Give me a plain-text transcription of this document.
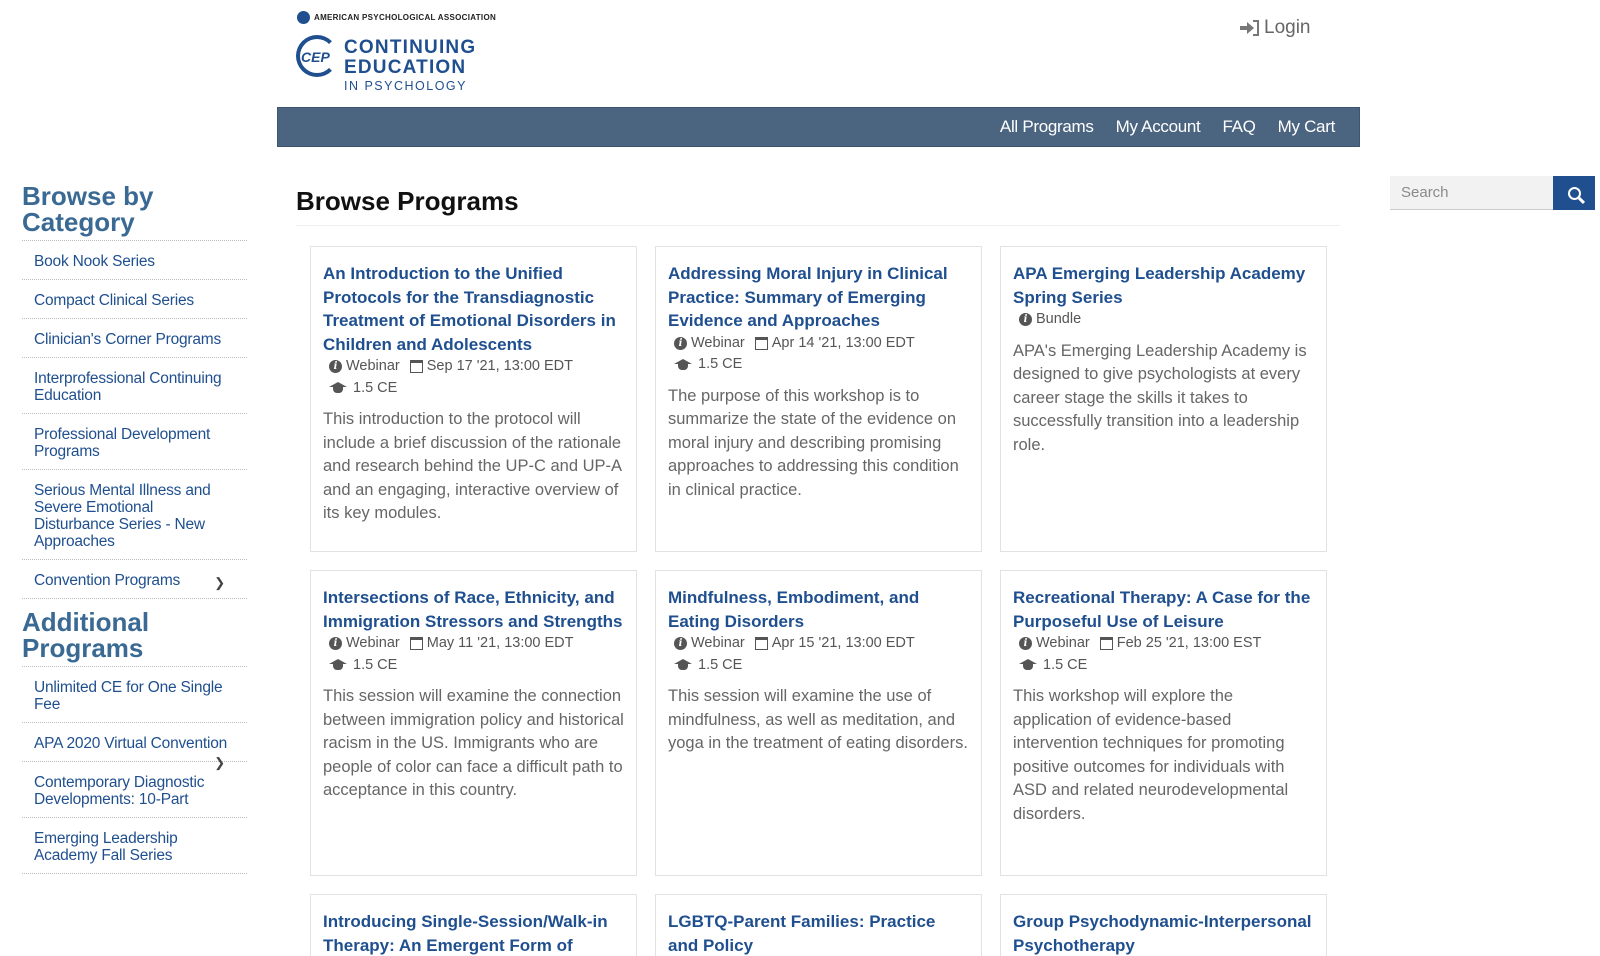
AMERICAN PSYCHOLOGICAL ASSOCIATION
CEP CONTINUING
EDUCATION
IN PSYCHOLOGY
Login
All Programs My Account FAQ My Cart
Browse by Category
Book Nook Series
Compact Clinical Series
Clinician's Corner Programs
Interprofessional Continuing Education
Professional Development Programs
Serious Mental Illness and Severe Emotional Disturbance Series - New Approaches
Convention Programs	❯
Additional Programs
Unlimited CE for One Single Fee
APA 2020 Virtual Convention
❯
Contemporary Diagnostic Developments: 10-Part
Emerging Leadership Academy Fall Series
Search
Browse Programs
An Introduction to the Unified Protocols for the Transdiagnostic Treatment of Emotional Disorders in Children and Adolescents
i Webinar Sep 17 '21, 13:00 EDT
1.5 CE

This introduction to the protocol will include a brief discussion of the rationale and research behind the UP-C and UP-A and an engaging, interactive overview of its key modules.

Addressing Moral Injury in Clinical Practice: Summary of Emerging Evidence and Approaches
i Webinar Apr 14 '21, 13:00 EDT
1.5 CE

The purpose of this workshop is to summarize the state of the evidence on moral injury and describing promising approaches to addressing this condition in clinical practice.

APA Emerging Leadership Academy Spring Series
i Bundle

APA's Emerging Leadership Academy is designed to give psychologists at every career stage the skills it takes to successfully transition into a leadership role.

Intersections of Race, Ethnicity, and Immigration Stressors and Strengths
i Webinar May 11 '21, 13:00 EDT
1.5 CE

This session will examine the connection between immigration policy and historical racism in the US. Immigrants who are people of color can face a difficult path to acceptance in this country.

Mindfulness, Embodiment, and Eating Disorders
i Webinar Apr 15 '21, 13:00 EDT
1.5 CE

This session will examine the use of mindfulness, as well as meditation, and yoga in the treatment of eating disorders.

Recreational Therapy: A Case for the Purposeful Use of Leisure
i Webinar Feb 25 '21, 13:00 EST
1.5 CE

This workshop will explore the application of evidence-based intervention techniques for promoting positive outcomes for individuals with ASD and related neurodevelopmental disorders.

Introducing Single-Session/Walk-in Therapy: An Emergent Form of
LGBTQ-Parent Families: Practice and Policy
Group Psychodynamic-Interpersonal Psychotherapy
